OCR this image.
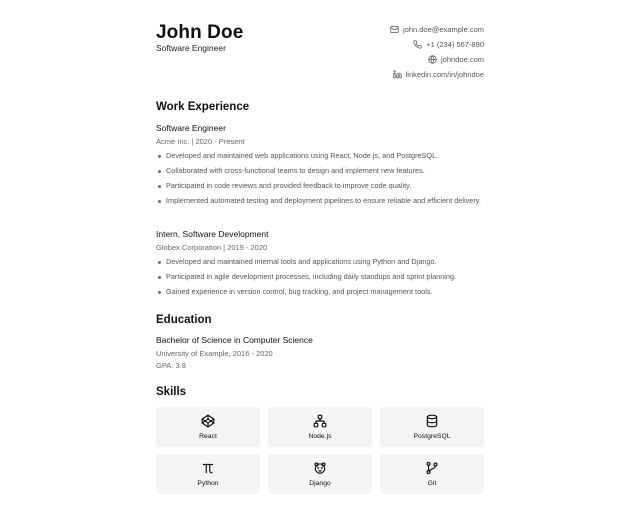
John Doe
Software Engineer
john.doe@example.com
+1 (234) 567-890
johndoe.com
linkedin.com/in/johndoe
Work Experience
Software Engineer
Acme Inc. | 2020 - Present
Developed and maintained web applications using React, Node.js, and PostgreSQL.
Collaborated with cross-functional teams to design and implement new features.
Participated in code reviews and provided feedback to improve code quality.
Implemented automated testing and deployment pipelines to ensure reliable and efficient delivery.
Intern, Software Development
Globex Corporation | 2019 - 2020
Developed and maintained internal tools and applications using Python and Django.
Participated in agile development processes, including daily standups and sprint planning.
Gained experience in version control, bug tracking, and project management tools.
Education
Bachelor of Science in Computer Science
University of Example, 2016 - 2020
GPA: 3.8
Skills
React	Node.js	PostgreSQL
Python	Django	Git
